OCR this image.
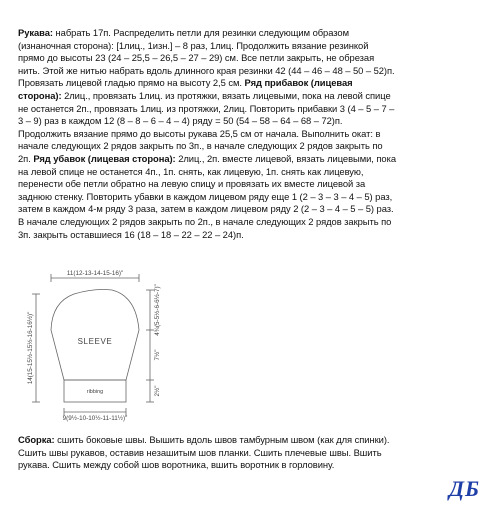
Рукава: набрать 17п. Распределить петли для резинки следующим образом
(изнаночная сторона): [1лиц., 1изн.] – 8 раз, 1лиц. Продолжить вязание резинкой
прямо до высоты 23 (24 – 25,5 – 26,5 – 27 – 29) см. Все петли закрыть, не обрезая
нить. Этой же нитью набрать вдоль длинного края резинки 42 (44 – 46 – 48 – 50 – 52)п.
Провязать лицевой гладью прямо на высоту 2,5 см. Ряд прибавок (лицевая
сторона): 2лиц., провязать 1лиц. из протяжки, вязать лицевыми, пока на левой спице
не останется 2п., провязать 1лиц. из протяжки, 2лиц. Повторить прибавки 3 (4 – 5 – 7 –
3 – 9) раз в каждом 12 (8 – 8 – 6 – 4 – 4) ряду = 50 (54 – 58 – 64 – 68 – 72)п.
Продолжить вязание прямо до высоты рукава 25,5 см от начала. Выполнить окат: в
начале следующих 2 рядов закрыть по 3п., в начале следующих 2 рядов закрыть по
2п. Ряд убавок (лицевая сторона): 2лиц., 2п. вместе лицевой, вязать лицевыми, пока
на левой спице не останется 4п., 1п. снять, как лицевую, 1п. снять как лицевую,
перенести обе петли обратно на левую спицу и провязать их вместе лицевой за
заднюю стенку. Повторить убавки в каждом лицевом ряду еще 1 (2 – 3 – 3 – 4 – 5) раз,
затем в каждом 4-м ряду 3 раза, затем в каждом лицевом ряду 2 (2 – 3 – 4 – 5 – 5) раз.
В начале следующих 2 рядов закрыть по 2п., в начале следующих 2 рядов закрыть по
3п. закрыть оставшиеся 16 (18 – 18 – 22 – 22 – 24)п.
11(12-13-14-15-16)"
9(9½-10-10½-11-11½)"
14(15-15½-15½-16-16½)"
4¾(5-5½-6-6½-7)"
7½"
2½"
SLEEVE
ribbing
Сборка: сшить боковые швы. Вышить вдоль швов тамбурным швом (как для спинки).
Сшить швы рукавов, оставив незашитым шов планки. Сшить плечевые швы. Вшить
рукава. Сшить между собой шов воротника, вшить воротник в горловину.
ДБ
